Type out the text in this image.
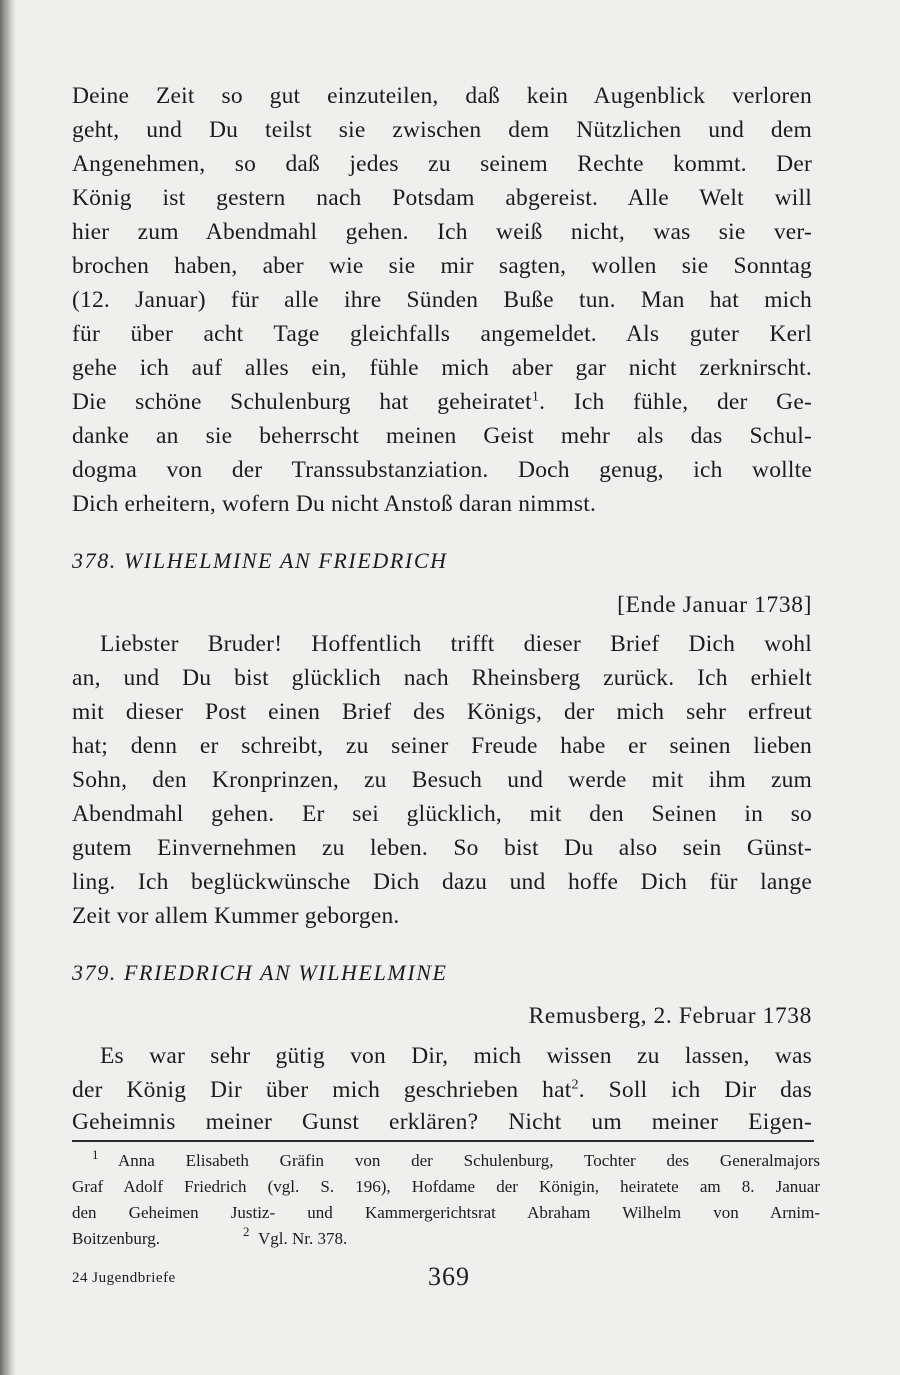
Deine Zeit so gut einzuteilen, daß kein Augenblick verloren
geht, und Du teilst sie zwischen dem Nützlichen und dem
Angenehmen, so daß jedes zu seinem Rechte kommt. Der
König ist gestern nach Potsdam abgereist. Alle Welt will
hier zum Abendmahl gehen. Ich weiß nicht, was sie ver-
brochen haben, aber wie sie mir sagten, wollen sie Sonntag
(12. Januar) für alle ihre Sünden Buße tun. Man hat mich
für über acht Tage gleichfalls angemeldet. Als guter Kerl
gehe ich auf alles ein, fühle mich aber gar nicht zerknirscht.
Die schöne Schulenburg hat geheiratet$^1$. Ich fühle, der Ge-
danke an sie beherrscht meinen Geist mehr als das Schul-
dogma von der Transsubstanziation. Doch genug, ich wollte
Dich erheitern, wofern Du nicht Anstoß daran nimmst.
378. WILHELMINE AN FRIEDRICH
[Ende Januar 1738]
Liebster Bruder! Hoffentlich trifft dieser Brief Dich wohl
an, und Du bist glücklich nach Rheinsberg zurück. Ich erhielt
mit dieser Post einen Brief des Königs, der mich sehr erfreut
hat; denn er schreibt, zu seiner Freude habe er seinen lieben
Sohn, den Kronprinzen, zu Besuch und werde mit ihm zum
Abendmahl gehen. Er sei glücklich, mit den Seinen in so
gutem Einvernehmen zu leben. So bist Du also sein Günst-
ling. Ich beglückwünsche Dich dazu und hoffe Dich für lange
Zeit vor allem Kummer geborgen.
379. FRIEDRICH AN WILHELMINE
Remusberg, 2. Februar 1738
Es war sehr gütig von Dir, mich wissen zu lassen, was
der König Dir über mich geschrieben hat$^2$. Soll ich Dir das
Geheimnis meiner Gunst erklären? Nicht um meiner Eigen-
1 Anna Elisabeth Gräfin von der Schulenburg, Tochter des Generalmajors
Graf Adolf Friedrich (vgl. S. 196), Hofdame der Königin, heiratete am 8. Januar
den Geheimen Justiz- und Kammergerichtsrat Abraham Wilhelm von Arnim-
Boitzenburg.	2 Vgl. Nr. 378.
24 Jugendbriefe	369
